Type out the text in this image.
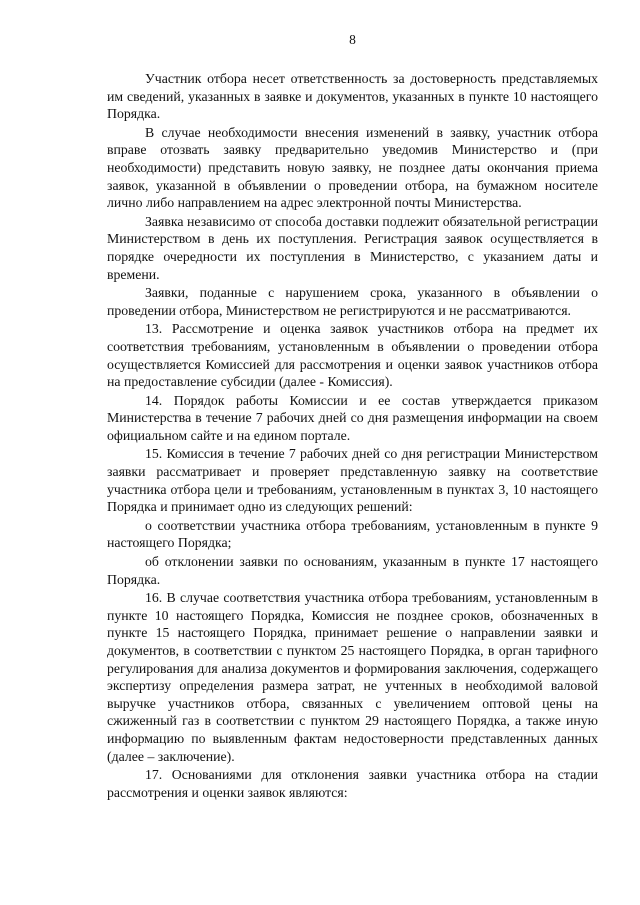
8

Участник отбора несет ответственность за достоверность представляемых им сведений, указанных в заявке и документов, указанных в пункте 10 настоящего Порядка.

В случае необходимости внесения изменений в заявку, участник отбора вправе отозвать заявку предварительно уведомив Министерство и (при необходимости) представить новую заявку, не позднее даты окончания приема заявок, указанной в объявлении о проведении отбора, на бумажном носителе лично либо направлением на адрес электронной почты Министерства.

Заявка независимо от способа доставки подлежит обязательной регистрации Министерством в день их поступления. Регистрация заявок осуществляется в порядке очередности их поступления в Министерство, с указанием даты и времени.

Заявки, поданные с нарушением срока, указанного в объявлении о проведении отбора, Министерством не регистрируются и не рассматриваются.

13. Рассмотрение и оценка заявок участников отбора на предмет их соответствия требованиям, установленным в объявлении о проведении отбора осуществляется Комиссией для рассмотрения и оценки заявок участников отбора на предоставление субсидии (далее - Комиссия).

14. Порядок работы Комиссии и ее состав утверждается приказом Министерства в течение 7 рабочих дней со дня размещения информации на своем официальном сайте и на едином портале.

15. Комиссия в течение 7 рабочих дней со дня регистрации Министерством заявки рассматривает и проверяет представленную заявку на соответствие участника отбора цели и требованиям, установленным в пунктах 3, 10 настоящего Порядка и принимает одно из следующих решений:

о соответствии участника отбора требованиям, установленным в пункте 9 настоящего Порядка;

об отклонении заявки по основаниям, указанным в пункте 17 настоящего Порядка.

16. В случае соответствия участника отбора требованиям, установленным в пункте 10 настоящего Порядка, Комиссия не позднее сроков, обозначенных в пункте 15 настоящего Порядка, принимает решение о направлении заявки и документов, в соответствии с пунктом 25 настоящего Порядка, в орган тарифного регулирования для анализа документов и формирования заключения, содержащего экспертизу определения размера затрат, не учтенных в необходимой валовой выручке участников отбора, связанных с увеличением оптовой цены на сжиженный газ в соответствии с пунктом 29 настоящего Порядка, а также иную информацию по выявленным фактам недостоверности представленных данных (далее – заключение).

17. Основаниями для отклонения заявки участника отбора на стадии рассмотрения и оценки заявок являются:
